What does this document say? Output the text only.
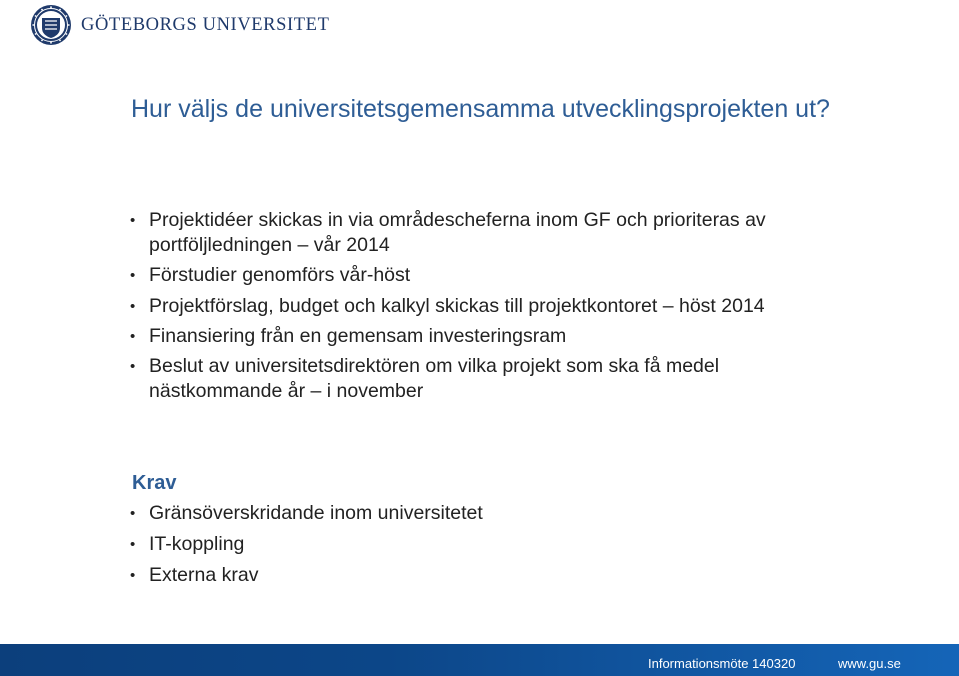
GÖTEBORGS UNIVERSITET
Hur väljs de universitetsgemensamma utvecklingsprojekten ut?
• Projektidéer skickas in via områdescheferna inom GF och prioriteras av portföljledningen – vår 2014
• Förstudier genomförs vår-höst
• Projektförslag, budget och kalkyl skickas till projektkontoret – höst 2014
• Finansiering från en gemensam investeringsram
• Beslut av universitetsdirektören om vilka projekt som ska få medel nästkommande år – i november
Krav
• Gränsöverskridande inom universitetet
• IT-koppling
• Externa krav
Informationsmöte 140320	www.gu.se
